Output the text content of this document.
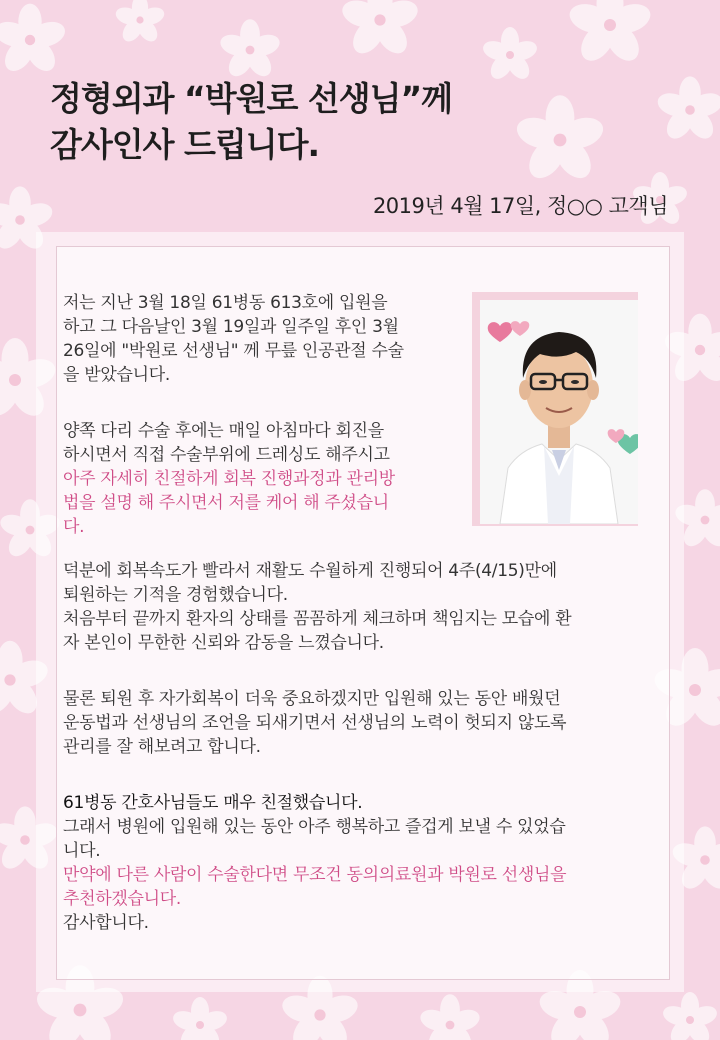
정형외과 “박원로 선생님”께
감사인사 드립니다.
2019년 4월 17일, 정○○ 고객님

저는 지난 3월 18일 61병동 613호에 입원을

하고 그 다음날인 3월 19일과 일주일 후인 3월

26일에 "박원로 선생님" 께 무릎 인공관절 수술

을 받았습니다.

양쪽 다리 수술 후에는 매일 아침마다 회진을

하시면서 직접 수술부위에 드레싱도 해주시고

아주 자세히 친절하게 회복 진행과정과 관리방

법을 설명 해 주시면서 저를 케어 해 주셨습니

다.

덕분에 회복속도가 빨라서 재활도 수월하게 진행되어 4주(4/15)만에

퇴원하는 기적을 경험했습니다.

처음부터 끝까지 환자의 상태를 꼼꼼하게 체크하며 책임지는 모습에 환

자 본인이 무한한 신뢰와 감동을 느꼈습니다.

물론 퇴원 후 자가회복이 더욱 중요하겠지만 입원해 있는 동안 배웠던

운동법과 선생님의 조언을 되새기면서 선생님의 노력이 헛되지 않도록

관리를 잘 해보려고 합니다.

61병동 간호사님들도 매우 친절했습니다.

그래서 병원에 입원해 있는 동안 아주 행복하고 즐겁게 보낼 수 있었습

니다.

만약에 다른 사람이 수술한다면 무조건 동의의료원과 박원로 선생님을

추천하겠습니다.

감사합니다.
